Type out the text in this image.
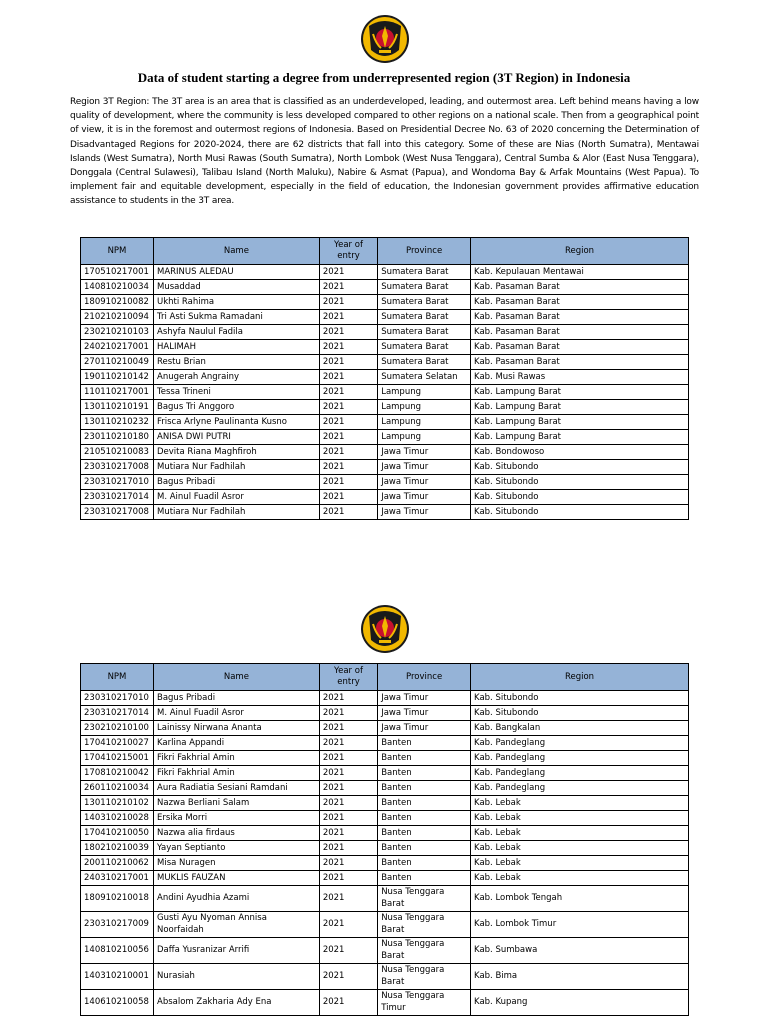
Data of student starting a degree from underrepresented region (3T Region) in Indonesia
Region 3T Region: The 3T area is an area that is classified as an underdeveloped, leading, and outermost area. Left behind means having a low quality of development, where the community is less developed compared to other regions on a national scale. Then from a geographical point of view, it is in the foremost and outermost regions of Indonesia. Based on Presidential Decree No. 63 of 2020 concerning the Determination of Disadvantaged Regions for 2020-2024, there are 62 districts that fall into this category. Some of these are Nias (North Sumatra), Mentawai Islands (West Sumatra), North Musi Rawas (South Sumatra), North Lombok (West Nusa Tenggara), Central Sumba & Alor (East Nusa Tenggara), Donggala (Central Sulawesi), Talibau Island (North Maluku), Nabire & Asmat (Papua), and Wondoma Bay & Arfak Mountains (West Papua). To implement fair and equitable development, especially in the field of education, the Indonesian government provides affirmative education assistance to students in the 3T area.
NPM	Name	Year of entry	Province	Region
170510217001	MARINUS ALEDAU	2021	Sumatera Barat	Kab. Kepulauan Mentawai
140810210034	Musaddad	2021	Sumatera Barat	Kab. Pasaman Barat
180910210082	Ukhti Rahima	2021	Sumatera Barat	Kab. Pasaman Barat
210210210094	Tri Asti Sukma Ramadani	2021	Sumatera Barat	Kab. Pasaman Barat
230210210103	Ashyfa Naulul Fadila	2021	Sumatera Barat	Kab. Pasaman Barat
240210217001	HALIMAH	2021	Sumatera Barat	Kab. Pasaman Barat
270110210049	Restu Brian	2021	Sumatera Barat	Kab. Pasaman Barat
190110210142	Anugerah Angrainy	2021	Sumatera Selatan	Kab. Musi Rawas
110110217001	Tessa Trineni	2021	Lampung	Kab. Lampung Barat
130110210191	Bagus Tri Anggoro	2021	Lampung	Kab. Lampung Barat
130110210232	Frisca Arlyne Paulinanta Kusno	2021	Lampung	Kab. Lampung Barat
230110210180	ANISA DWI PUTRI	2021	Lampung	Kab. Lampung Barat
210510210083	Devita Riana Maghfiroh	2021	Jawa Timur	Kab. Bondowoso
230310217008	Mutiara Nur Fadhilah	2021	Jawa Timur	Kab. Situbondo
230310217010	Bagus Pribadi	2021	Jawa Timur	Kab. Situbondo
230310217014	M. Ainul Fuadil Asror	2021	Jawa Timur	Kab. Situbondo
230310217008	Mutiara Nur Fadhilah	2021	Jawa Timur	Kab. Situbondo
NPM	Name	Year of entry	Province	Region
230310217010	Bagus Pribadi	2021	Jawa Timur	Kab. Situbondo
230310217014	M. Ainul Fuadil Asror	2021	Jawa Timur	Kab. Situbondo
230210210100	Lainissy Nirwana Ananta	2021	Jawa Timur	Kab. Bangkalan
170410210027	Karlina Appandi	2021	Banten	Kab. Pandeglang
170410215001	Fikri Fakhrial Amin	2021	Banten	Kab. Pandeglang
170810210042	Fikri Fakhrial Amin	2021	Banten	Kab. Pandeglang
260110210034	Aura Radiatia Sesiani Ramdani	2021	Banten	Kab. Pandeglang
130110210102	Nazwa Berliani Salam	2021	Banten	Kab. Lebak
140310210028	Ersika Morri	2021	Banten	Kab. Lebak
170410210050	Nazwa alia firdaus	2021	Banten	Kab. Lebak
180210210039	Yayan Septianto	2021	Banten	Kab. Lebak
200110210062	Misa Nuragen	2021	Banten	Kab. Lebak
240310217001	MUKLIS FAUZAN	2021	Banten	Kab. Lebak
180910210018	Andini Ayudhia Azami	2021	Nusa Tenggara Barat	Kab. Lombok Tengah
230310217009	Gusti Ayu Nyoman Annisa Noorfaidah	2021	Nusa Tenggara Barat	Kab. Lombok Timur
140810210056	Daffa Yusranizar Arrifi	2021	Nusa Tenggara Barat	Kab. Sumbawa
140310210001	Nurasiah	2021	Nusa Tenggara Barat	Kab. Bima
140610210058	Absalom Zakharia Ady Ena	2021	Nusa Tenggara Timur	Kab. Kupang
